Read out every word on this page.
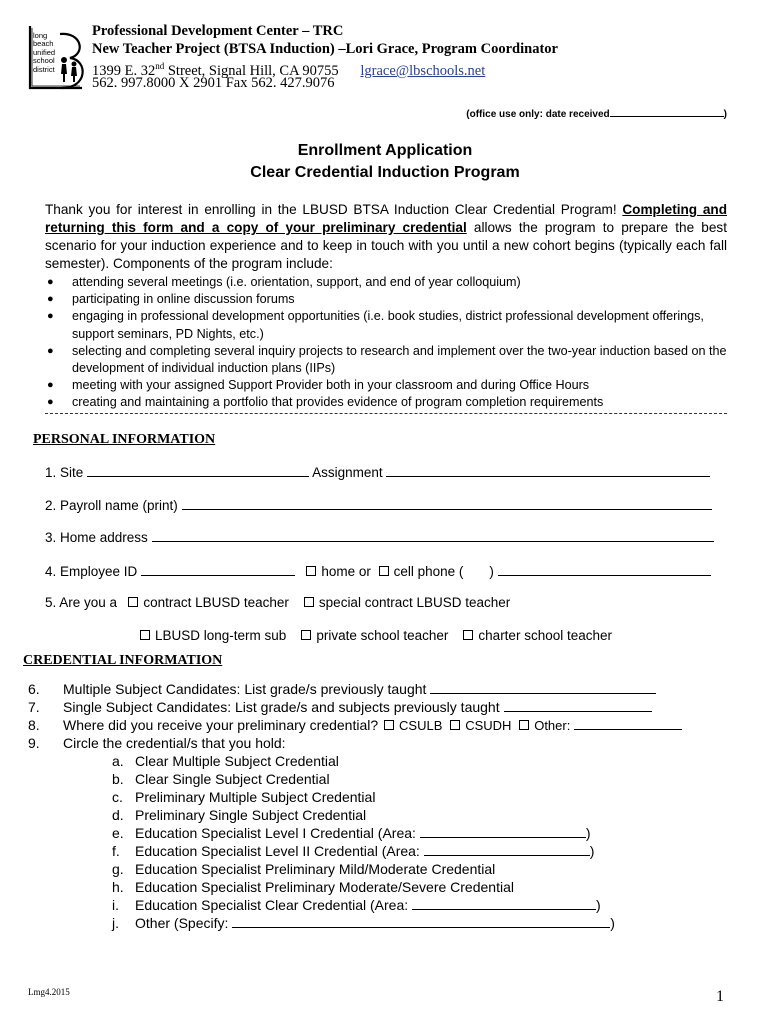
long
beach
unified
school
district
Professional Development Center – TRC
New Teacher Project (BTSA Induction) –Lori Grace, Program Coordinator
1399 E. 32nd Street, Signal Hill, CA 90755 lgrace@lbschools.net
562. 997.8000 X 2901 Fax 562. 427.9076
(office use only: date received	)
Enrollment Application
Clear Credential Induction Program
Thank you for interest in enrolling in the LBUSD BTSA Induction Clear Credential Program! Completing and returning this form and a copy of your preliminary credential allows the program to prepare the best scenario for your induction experience and to keep in touch with you until a new cohort begins (typically each fall semester). Components of the program include:
● attending several meetings (i.e. orientation, support, and end of year colloquium)
● participating in online discussion forums
● engaging in professional development opportunities (i.e. book studies, district professional development offerings, support seminars, PD Nights, etc.)
● selecting and completing several inquiry projects to research and implement over the two-year induction based on the development of individual induction plans (IIPs)
● meeting with your assigned Support Provider both in your classroom and during Office Hours
● creating and maintaining a portfolio that provides evidence of program completion requirements
PERSONAL INFORMATION
1. Site	Assignment
2. Payroll name (print)
3. Home address
4. Employee ID	home or cell phone ( )
5. Are you a contract LBUSD teacher special contract LBUSD teacher
LBUSD long-term sub private school teacher charter school teacher
CREDENTIAL INFORMATION
6. Multiple Subject Candidates: List grade/s previously taught
7. Single Subject Candidates: List grade/s and subjects previously taught
8. Where did you receive your preliminary credential? CSULB CSUDH Other:
9. Circle the credential/s that you hold:
a. Clear Multiple Subject Credential
b. Clear Single Subject Credential
c. Preliminary Multiple Subject Credential
d. Preliminary Single Subject Credential
e. Education Specialist Level I Credential (Area:	)
f. Education Specialist Level II Credential (Area:	)
g. Education Specialist Preliminary Mild/Moderate Credential
h. Education Specialist Preliminary Moderate/Severe Credential
i. Education Specialist Clear Credential (Area:	)
j. Other (Specify:	)
Lmg4.2015	1
